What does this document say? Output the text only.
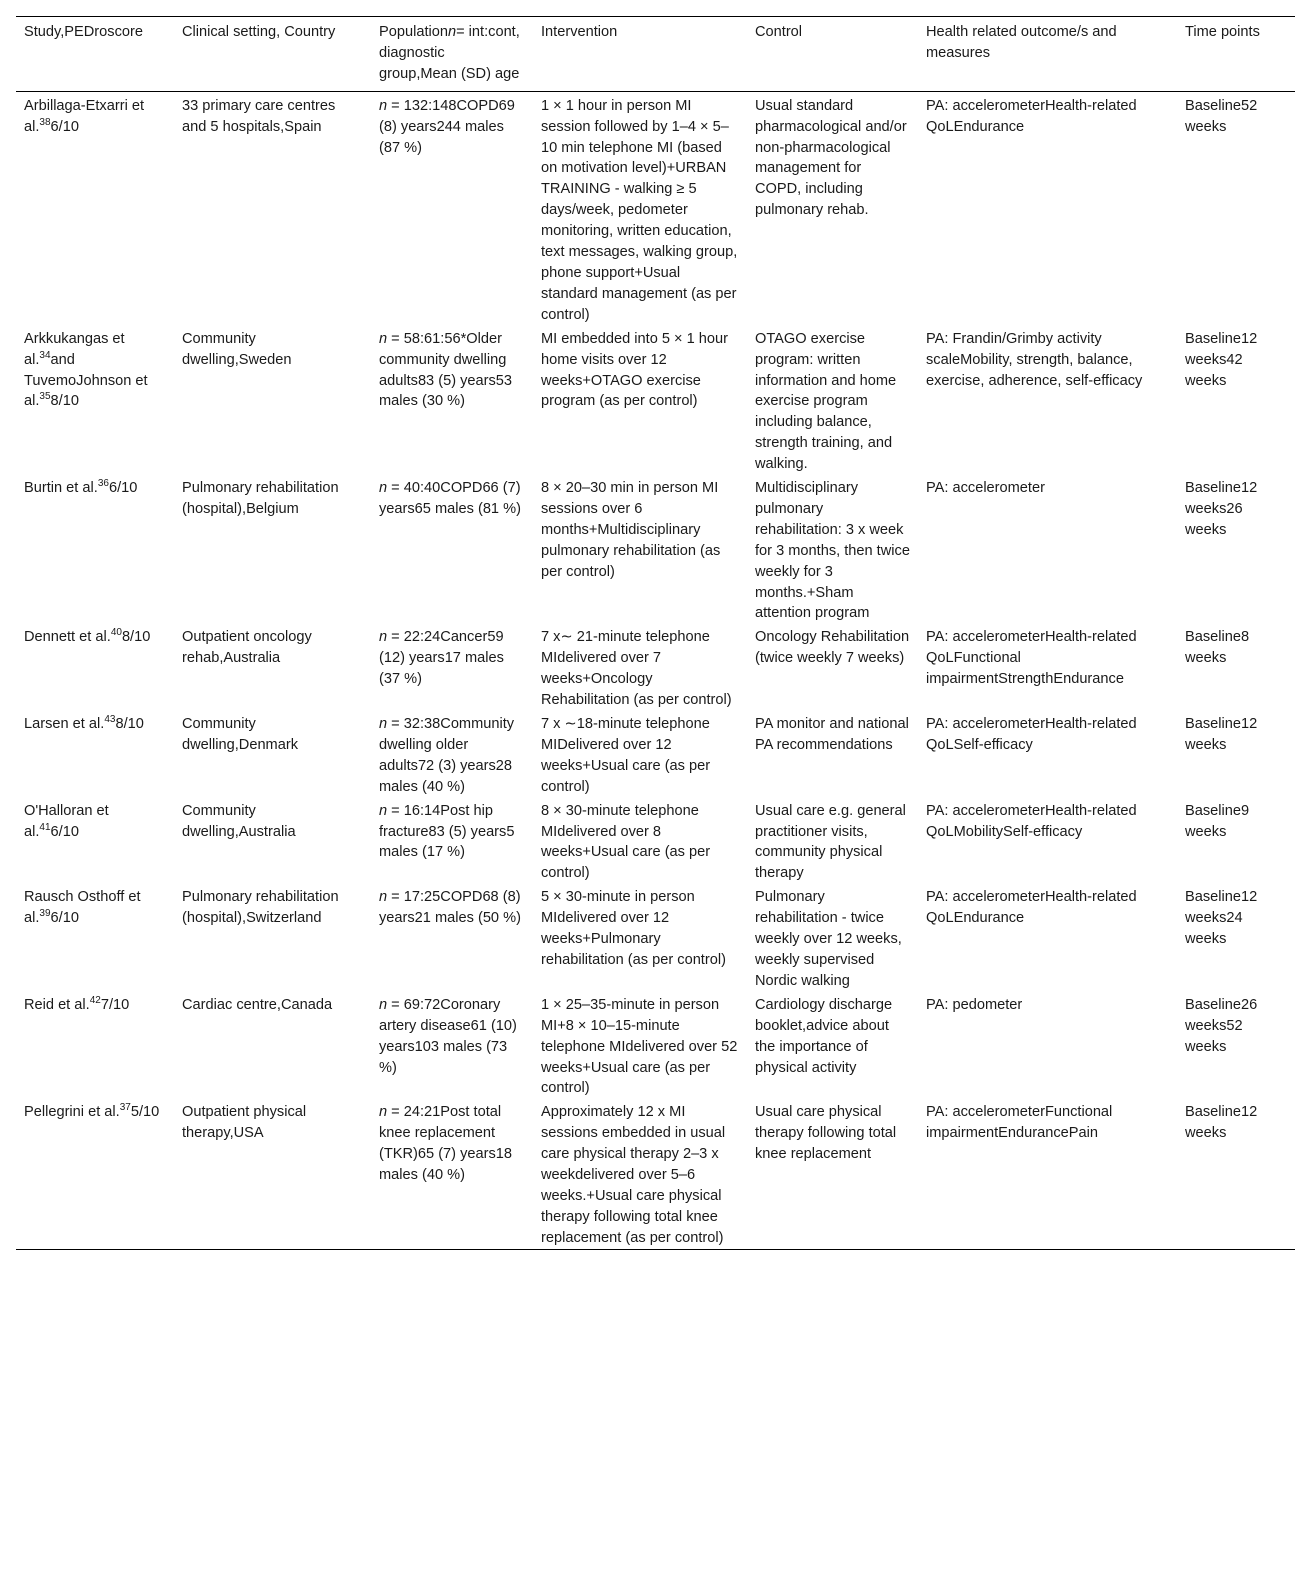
Study,PEDroscore	Clinical setting, Country	Populationn= int:cont, diagnostic group,Mean (SD) age	Intervention	Control	Health related outcome/s and measures	Time points
Arbillaga-Etxarri et al.$^{38}$6/10	33 primary care centres and 5 hospitals,Spain	n = 132:148COPD69 (8) years244 males (87 %)	1 × 1 hour in person MI session followed by 1–4 × 5–10 min telephone MI (based on motivation level)+URBAN TRAINING - walking ≥ 5 days/week, pedometer monitoring, written education, text messages, walking group, phone support+Usual standard management (as per control)	Usual standard pharmacological and/or non-pharmacological management for COPD, including pulmonary rehab.	PA: accelerometerHealth-related QoLEndurance	Baseline52 weeks
Arkkukangas et al.$^{34}$and TuvemoJohnson et al.$^{35}$8/10	Community dwelling,Sweden	n = 58:61:56*Older community dwelling adults83 (5) years53 males (30 %)	MI embedded into 5 × 1 hour home visits over 12 weeks+OTAGO exercise program (as per control)	OTAGO exercise program: written information and home exercise program including balance, strength training, and walking.	PA: Frandin/Grimby activity scaleMobility, strength, balance, exercise, adherence, self-efficacy	Baseline12 weeks42 weeks
Burtin et al.$^{36}$6/10	Pulmonary rehabilitation (hospital),Belgium	n = 40:40COPD66 (7) years65 males (81 %)	8 × 20–30 min in person MI sessions over 6 months+Multidisciplinary pulmonary rehabilitation (as per control)	Multidisciplinary pulmonary rehabilitation: 3 x week for 3 months, then twice weekly for 3 months.+Sham attention program	PA: accelerometer	Baseline12 weeks26 weeks
Dennett et al.$^{40}$8/10	Outpatient oncology rehab,Australia	n = 22:24Cancer59 (12) years17 males (37 %)	7 x∼ 21-minute telephone MIdelivered over 7 weeks+Oncology Rehabilitation (as per control)	Oncology Rehabilitation (twice weekly 7 weeks)	PA: accelerometerHealth-related QoLFunctional impairmentStrengthEndurance	Baseline8 weeks
Larsen et al.$^{43}$8/10	Community dwelling,Denmark	n = 32:38Community dwelling older adults72 (3) years28 males (40 %)	7 x ∼18-minute telephone MIDelivered over 12 weeks+Usual care (as per control)	PA monitor and national PA recommendations	PA: accelerometerHealth-related QoLSelf-efficacy	Baseline12 weeks
O'Halloran et al.$^{41}$6/10	Community dwelling,Australia	n = 16:14Post hip fracture83 (5) years5 males (17 %)	8 × 30-minute telephone MIdelivered over 8 weeks+Usual care (as per control)	Usual care e.g. general practitioner visits, community physical therapy	PA: accelerometerHealth-related QoLMobilitySelf-efficacy	Baseline9 weeks
Rausch Osthoff et al.$^{39}$6/10	Pulmonary rehabilitation (hospital),Switzerland	n = 17:25COPD68 (8) years21 males (50 %)	5 × 30-minute in person MIdelivered over 12 weeks+Pulmonary rehabilitation (as per control)	Pulmonary rehabilitation - twice weekly over 12 weeks, weekly supervised Nordic walking	PA: accelerometerHealth-related QoLEndurance	Baseline12 weeks24 weeks
Reid et al.$^{42}$7/10	Cardiac centre,Canada	n = 69:72Coronary artery disease61 (10) years103 males (73 %)	1 × 25–35-minute in person MI+8 × 10–15-minute telephone MIdelivered over 52 weeks+Usual care (as per control)	Cardiology discharge booklet,advice about the importance of physical activity	PA: pedometer	Baseline26 weeks52 weeks
Pellegrini et al.$^{37}$5/10	Outpatient physical therapy,USA	n = 24:21Post total knee replacement (TKR)65 (7) years18 males (40 %)	Approximately 12 x MI sessions embedded in usual care physical therapy 2–3 x weekdelivered over 5–6 weeks.+Usual care physical therapy following total knee replacement (as per control)	Usual care physical therapy following total knee replacement	PA: accelerometerFunctional impairmentEndurancePain	Baseline12 weeks
